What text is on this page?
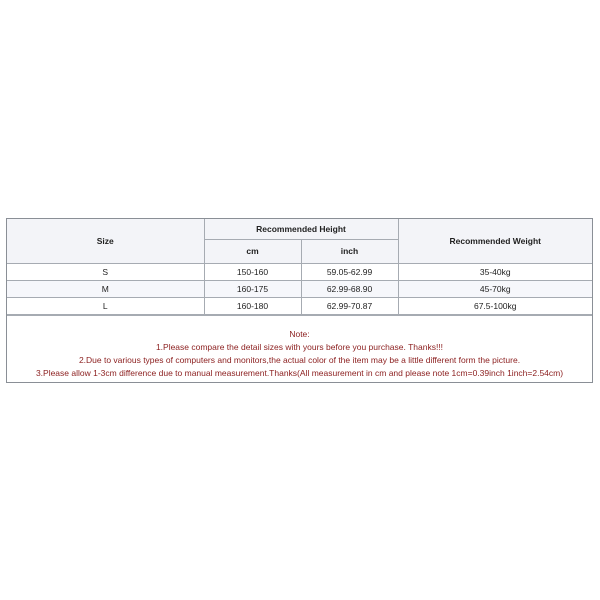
Size	Recommended Height		Recommended Weight
	cm	inch	
S	150-160	59.05-62.99	35-40kg
M	160-175	62.99-68.90	45-70kg
L	160-180	62.99-70.87	67.5-100kg
Note:
1.Please compare the detail sizes with yours before you purchase. Thanks!!!
2.Due to various types of computers and monitors,the actual color of the item may be a little different form the picture.
3.Please allow 1-3cm difference due to manual measurement.Thanks(All measurement in cm and please note 1cm=0.39inch 1inch=2.54cm)
